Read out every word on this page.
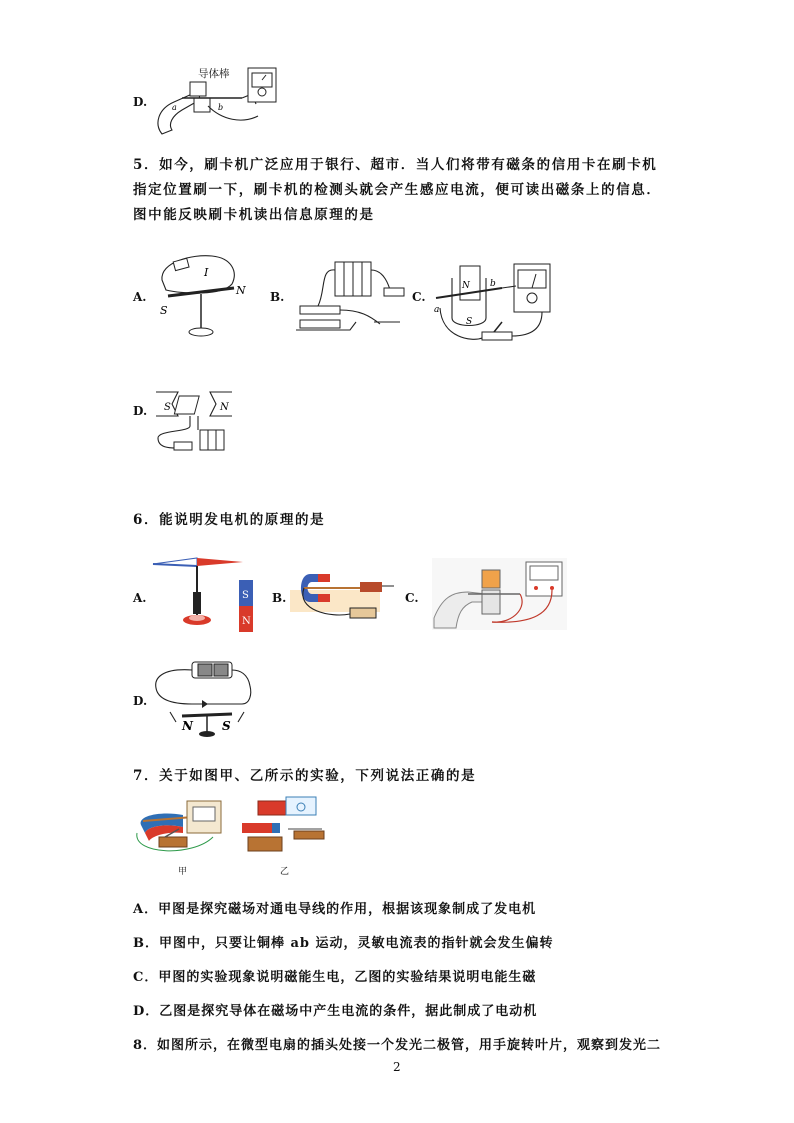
D.	a	b
导体棒
5．如今，刷卡机广泛应用于银行、超市．当人们将带有磁条的信用卡在刷卡机指定位置刷一下，刷卡机的检测头就会产生感应电流，便可读出磁条上的信息．图中能反映刷卡机读出信息原理的是
A.
I
S
N B.	C.
N
S
a
b
D. S	N
6．能说明发电机的原理的是
A.	S
N
B.	C.
D.
N S
7．关于如图甲、乙所示的实验，下列说法正确的是
甲	乙
A．甲图是探究磁场对通电导线的作用，根据该现象制成了发电机
B．甲图中，只要让铜棒 ab 运动，灵敏电流表的指针就会发生偏转
C．甲图的实验现象说明磁能生电，乙图的实验结果说明电能生磁
D．乙图是探究导体在磁场中产生电流的条件，据此制成了电动机
8．如图所示，在微型电扇的插头处接一个发光二极管，用手旋转叶片，观察到发光二
2
